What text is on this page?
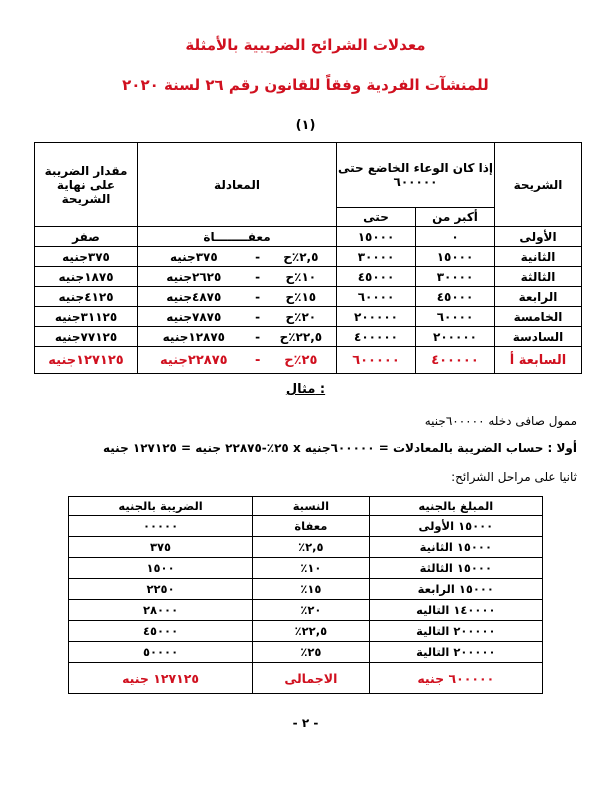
معدلات الشرائح الضريبية بالأمثلة
للمنشآت الفردية وفقاً للقانون رقم ٢٦ لسنة ٢٠٢٠
(١)
الشريحة	إذا كان الوعاء الخاضع حتى ٦٠٠٠٠٠		المعادلة			مقدار الضريبة على نهاية الشريحة
	أكبر من	حتى				
الأولى	٠	١٥٠٠٠	معفــــــــاة			صفر
الثانية	١٥٠٠٠	٣٠٠٠٠	٢,٥٪ح	-	٣٧٥جنيه	٣٧٥جنيه
الثالثة	٣٠٠٠٠	٤٥٠٠٠	١٠٪ح	-	٢٦٢٥جنيه	١٨٧٥جنيه
الرابعة	٤٥٠٠٠	٦٠٠٠٠	١٥٪ح	-	٤٨٧٥جنيه	٤١٢٥جنيه
الخامسة	٦٠٠٠٠	٢٠٠٠٠٠	٢٠٪ح	-	٧٨٧٥جنيه	٣١١٢٥جنيه
السادسة	٢٠٠٠٠٠	٤٠٠٠٠٠	٢٢,٥٪ح	-	١٢٨٧٥جنيه	٧٧١٢٥جنيه
السابعة أ	٤٠٠٠٠٠	٦٠٠٠٠٠	٢٥٪ح	-	٢٢٨٧٥جنيه	١٢٧١٢٥جنيه
مثال :
ممول صافى دخله ٦٠٠٠٠٠جنيه
أولا : حساب الضريبة بالمعادلات = ٦٠٠٠٠٠جنيه x ٢٥٪-٢٢٨٧٥ جنيه = ١٢٧١٢٥ جنيه
ثانيا على مراحل الشرائح:
المبلغ بالجنيه	النسبة	الضريبة بالجنيه
١٥٠٠٠ الأولى	معفاة	٠٠٠٠٠
١٥٠٠٠ الثانية	٢,٥٪	٣٧٥
١٥٠٠٠ الثالثة	١٠٪	١٥٠٠
١٥٠٠٠ الرابعة	١٥٪	٢٢٥٠
١٤٠٠٠٠ التاليه	٢٠٪	٢٨٠٠٠
٢٠٠٠٠٠ التالية	٢٢,٥٪	٤٥٠٠٠
٢٠٠٠٠٠ التالية	٢٥٪	٥٠٠٠٠
٦٠٠٠٠٠ جنيه	الاجمالى	١٢٧١٢٥ جنيه
- ٢ -
